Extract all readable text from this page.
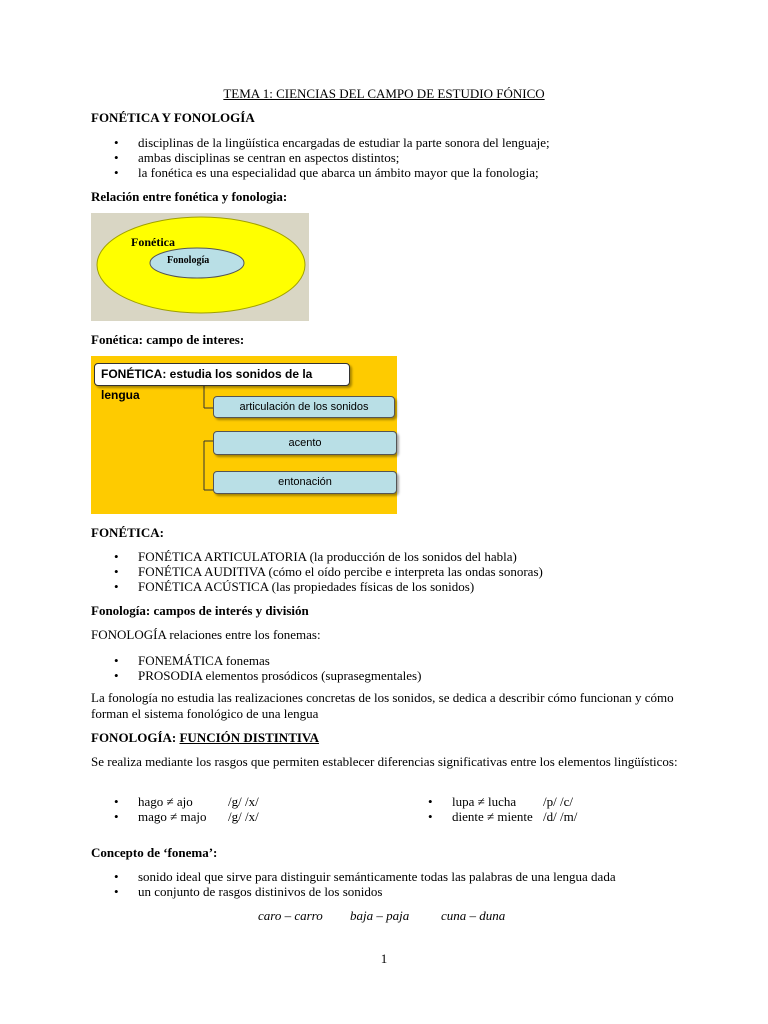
TEMA 1: CIENCIAS DEL CAMPO DE ESTUDIO FÓNICO
FONÉTICA Y FONOLOGÍA
• disciplinas de la lingüística encargadas de estudiar la parte sonora del lenguaje;
• ambas disciplinas se centran en aspectos distintos;
• la fonética es una especialidad que abarca un ámbito mayor que la fonologia;
Relación entre fonética y fonologia:
Fonética
Fonología
Fonética: campo de interes:
FONÉTICA: estudia los sonidos de la lengua
articulación de los sonidos
acento
entonación
FONÉTICA:
• FONÉTICA ARTICULATORIA (la producción de los sonidos del habla)
• FONÉTICA AUDITIVA (cómo el oído percibe e interpreta las ondas sonoras)
• FONÉTICA ACÚSTICA (las propiedades físicas de los sonidos)
Fonología: campos de interés y división
FONOLOGÍA relaciones entre los fonemas:
• FONEMÁTICA fonemas
• PROSODIA elementos prosódicos (suprasegmentales)
La fonología no estudia las realizaciones concretas de los sonidos, se dedica a describir cómo funcionan y cómo forman el sistema fonológico de una lengua
FONOLOGÍA: FUNCIÓN DISTINTIVA
Se realiza mediante los rasgos que permiten establecer diferencias significativas entre los elementos lingüísticos:
• hago ≠ ajo	/g/ /x/
• mago ≠ majo /g/ /x/
• lupa ≠ lucha /p/ /c/
• diente ≠ miente /d/ /m/
Concepto de ‘fonema’:
• sonido ideal que sirve para distinguir semánticamente todas las palabras de una lengua dada
• un conjunto de rasgos distinivos de los sonidos
caro – carro baja – paja cuna – duna
1
